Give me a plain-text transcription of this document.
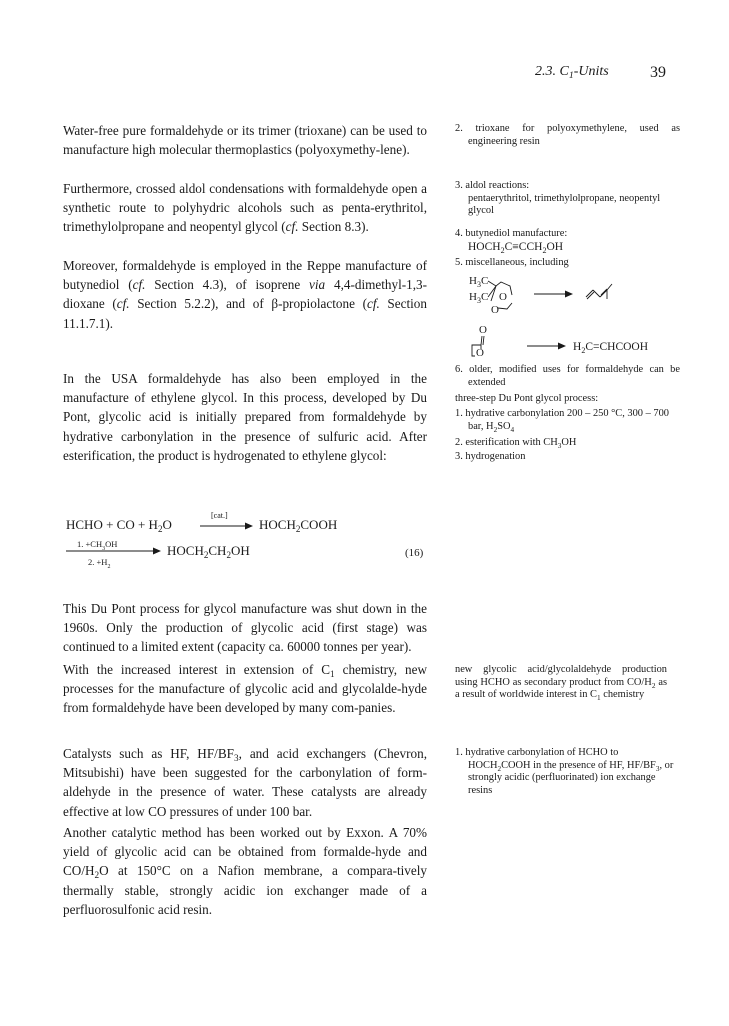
2.3. $C_1$-Units	39

Water-free pure formaldehyde or its trimer (trioxane) can be used to manufacture high molecular thermoplastics (polyoxymethy-lene).

Furthermore, crossed aldol condensations with formaldehyde open a synthetic route to polyhydric alcohols such as penta-erythritol, trimethylolpropane and neopentyl glycol (cf. Section 8.3).

Moreover, formaldehyde is employed in the Reppe manufacture of butynediol (cf. Section 4.3), of isoprene via 4,4-dimethyl-1,3-dioxane (cf. Section 5.2.2), and of β-propiolactone (cf. Section 11.1.7.1).

In the USA formaldehyde has also been employed in the manufacture of ethylene glycol. In this process, developed by Du Pont, glycolic acid is initially prepared from formaldehyde by hydrative carbonylation in the presence of sulfuric acid. After esterification, the product is hydrogenated to ethylene glycol:

HCHO + CO + $H_2O$
[cat.]
→ $HOCH_2COOH$
1. $+CH_3OH$
2. $+H_2$
$HOCH_2CH_2OH$	(16)

This Du Pont process for glycol manufacture was shut down in the 1960s. Only the production of glycolic acid (first stage) was continued to a limited extent (capacity ca. 60000 tonnes per year).

With the increased interest in extension of $C_1$ chemistry, new processes for the manufacture of glycolic acid and glycolalde-hyde from formaldehyde have been developed by many com-panies.

Catalysts such as HF, $HF/BF_3$, and acid exchangers (Chevron, Mitsubishi) have been suggested for the carbonylation of form-aldehyde in the presence of water. These catalysts are already effective at low CO pressures of under 100 bar.

Another catalytic method has been worked out by Exxon. A 70% yield of glycolic acid can be obtained from formalde-hyde and $CO/H_2O$ at 150°C on a Nafion membrane, a compara-tively thermally stable, strongly acidic ion exchanger made of a perfluorosulfonic acid resin.

2. trioxane for polyoxymethylene, used as engineering resin
3. aldol reactions:
pentaerythritol, trimethylolpropane, neopentyl glycol
4. butynediol manufacture:
$HOCH_2C\equiv CCH_2OH$
5. miscellaneous, including
$H_3C$
$H_3C$ O
O
O
O	$H_2C=CHCOOH$
6. older, modified uses for formaldehyde can be extended
three-step Du Pont glycol process:
1. hydrative carbonylation 200 – 250 °C, 300 – 700 bar, $H_2SO_4$
2. esterification with $CH_3OH$
3. hydrogenation
new glycolic acid/glycolaldehyde production using HCHO as secondary product from $CO/H_2$ as a result of worldwide interest in $C_1$ chemistry
1. hydrative carbonylation of HCHO to $HOCH_2COOH$ in the presence of HF, $HF/BF_3$, or strongly acidic (perfluorinated) ion exchange resins
